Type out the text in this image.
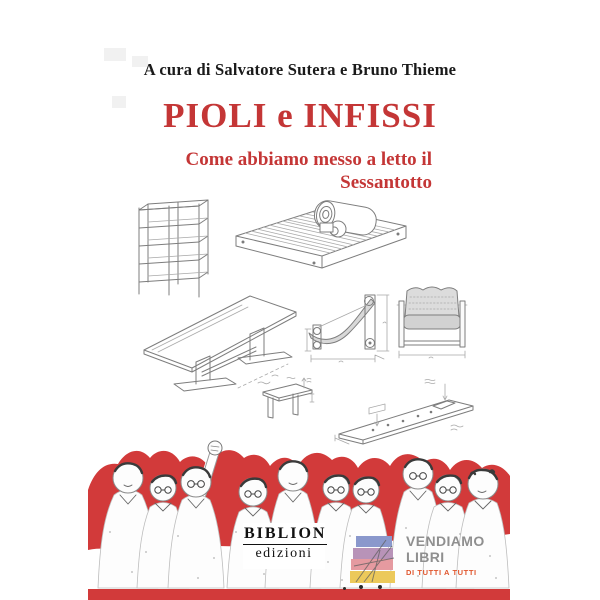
A cura di Salvatore Sutera e Bruno Thieme
PIOLI e INFISSI
Come abbiamo messo a letto il
Sessantotto
BIBLION
edizioni
VENDIAMO
LIBRI
DI TUTTI A TUTTI
